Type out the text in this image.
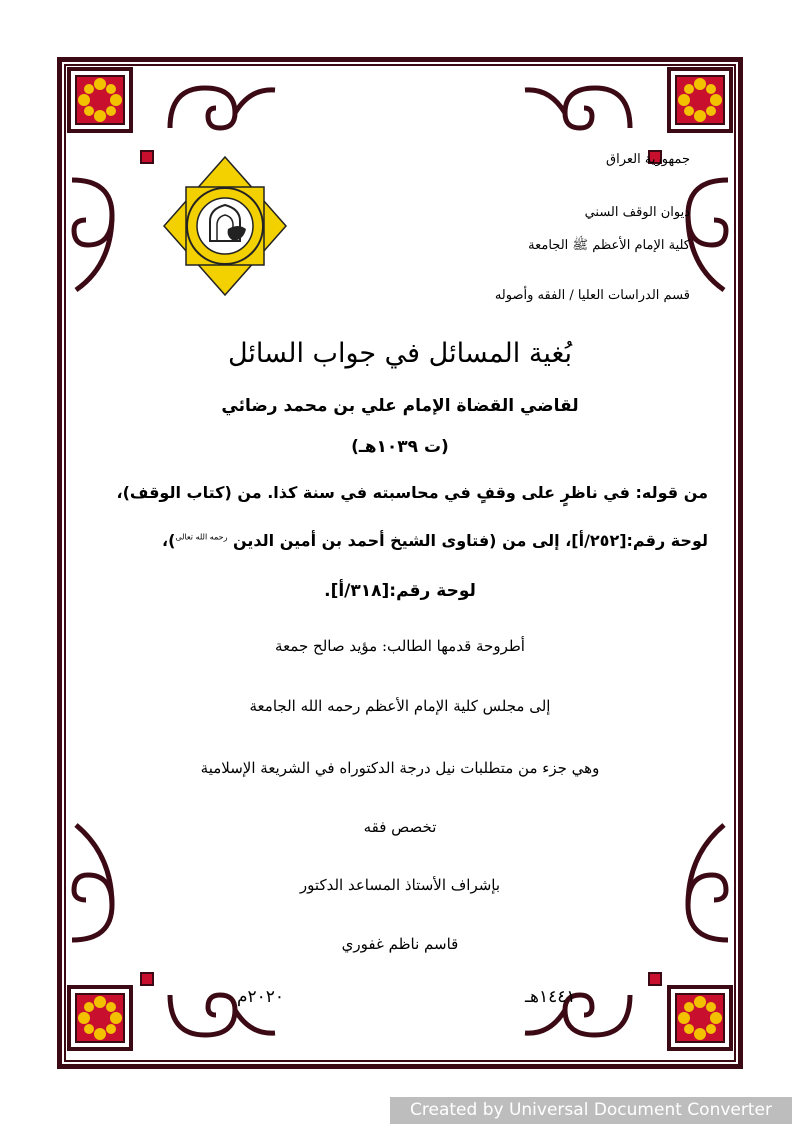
جمهورية العراق
ديوان الوقف السني
كلية الإمام الأعظم ﷺ الجامعة
قسم الدراسات العليا / الفقه وأصوله
بُغية المسائل في جواب السائل
لقاضي القضاة الإمام علي بن محمد رضائي
(ت ١٠٣٩هـ)
من قوله: في ناظرٍ على وقفٍ في محاسبته في سنة كذا. من (كتاب الوقف)،
لوحة رقم:[٢٥٢/أ]، إلى من (فتاوى الشيخ أحمد بن أمين الدين $^{رحمه الله تعالى}$)،
لوحة رقم:[٣١٨/أ].
أطروحة قدمها الطالب: مؤيد صالح جمعة
إلى مجلس كلية الإمام الأعظم رحمه الله الجامعة
وهي جزء من متطلبات نيل درجة الدكتوراه في الشريعة الإسلامية
تخصص فقه
بإشراف الأستاذ المساعد الدكتور
قاسم ناظم غفوري
١٤٤١هـ
٢٠٢٠م
Created by Universal Document Converter
